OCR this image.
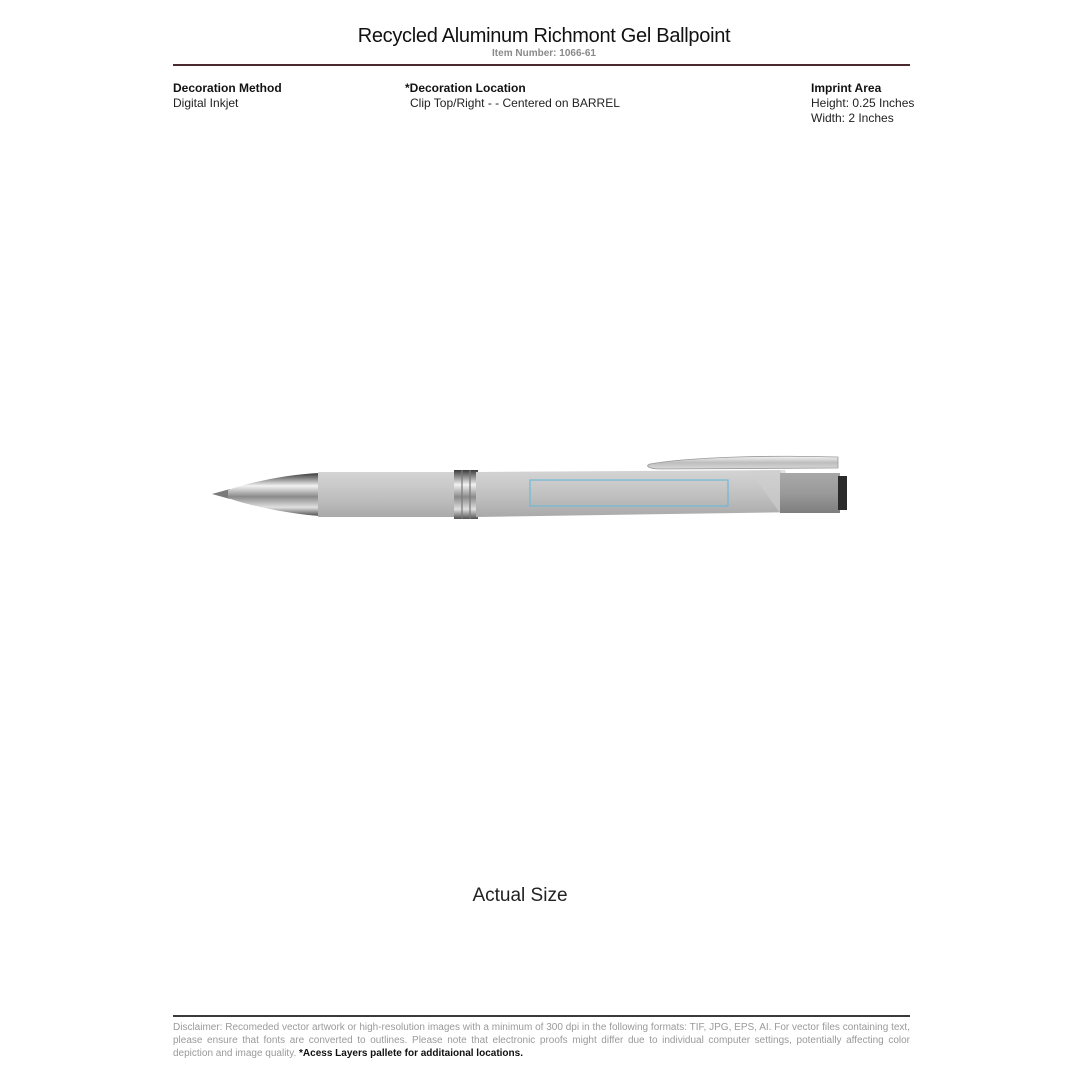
Recycled Aluminum Richmont Gel Ballpoint
Item Number: 1066-61
Decoration Method
Digital Inkjet
*Decoration Location
Clip Top/Right - - Centered on BARREL
Imprint Area
Height: 0.25 Inches
Width: 2 Inches
Actual Size
Disclaimer: Recomeded vector artwork or high-resolution images with a minimum of 300 dpi in the following formats: TIF, JPG, EPS, AI. For vector files containing text, please ensure that fonts are converted to outlines. Please note that electronic proofs might differ due to individual computer settings, potentially affecting color depiction and image quality. *Acess Layers pallete for additaional locations.
